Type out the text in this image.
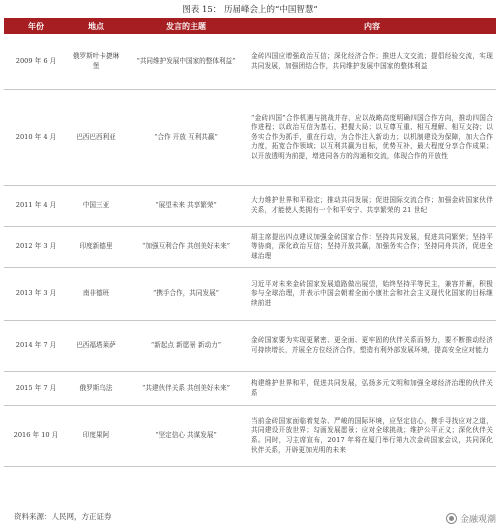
图表 15： 历届峰会上的“中国智慧”
年份	地点	发言的主题	内容
2009 年 6 月	俄罗斯叶卡捷琳堡	“共同维护发展中国家的整体利益”	金砖四国应增强政治互信；深化经济合作；推进人文交流；提倡经验交流，实现共同发展，加强团结合作，共同维护发展中国家的整体利益
2010 年 4 月	巴西巴西利亚	“合作 开放 互利共赢”	“金砖四国”合作机遇与挑战并存，应以战略高度明确四国合作方向，推动四国合作进程；以政治互信为基石，把握大局；以互尊互重、相互理解、相互支持；以务实合作为抓手，重在行动，为合作注入新动力；以机制建设为保障，加大合作力度，拓宽合作领域；以互利共赢为目标，优势互补，最大程度分享合作成果；以开放透明为前提，增进同各方的沟通和交流，体现合作的开放性
2011 年 4 月	中国三亚	“展望未来 共享繁荣”	大力维护世界和平稳定；推动共同发展；促进国际交流合作；加强金砖国家伙伴关系，才能使人类拥有一个和平安宁、共享繁荣的 21 世纪
2012 年 3 月	印度新德里	“加强互利合作 共创美好未来”	胡主席提出四点建议加强金砖国家合作：坚持共同发展，促进共同繁荣；坚持平等协商，深化政治互信；坚持开放共赢，加强务实合作；坚持同舟共济，促进全球治理
2013 年 3 月	南非德班	“携手合作，共同发展”	习近平对未来金砖国家发展道路做出展望，始终坚持平等民主，兼容并蓄，积极参与全球治理，并表示中国会朝着全面小康社会和社会主义现代化国家的目标继续前进
2014 年 7 月	巴西福塔莱萨	“新起点 新愿景 新动力”	金砖国家要为实现更紧密、更全面、更牢固的伙伴关系而努力，要不断推动经济可持续增长，并展全方位经济合作，塑造有利外部发展环境，提高安全应对能力
2015 年 7 月	俄罗斯乌法	“共建伙伴关系 共创美好未来”	构建维护世界和平，促进共同发展，弘扬多元文明和加强全球经济治理的伙伴关系
2016 年 10 月	印度果阿	“坚定信心 共谋发展”	当前金砖国家面临着复杂、严峻的国际环境，应坚定信心，携手寻找应对之道，共同建设开放世界；勾画发展愿景；应对全球挑战；维护公平正义；深化伙伴关系。同时，习主席宣布，2017 年将在厦门举行第九次金砖国家会议，共同深化伙伴关系，开辟更加光明的未来
资料来源：人民网，方正证券	金融观潮
